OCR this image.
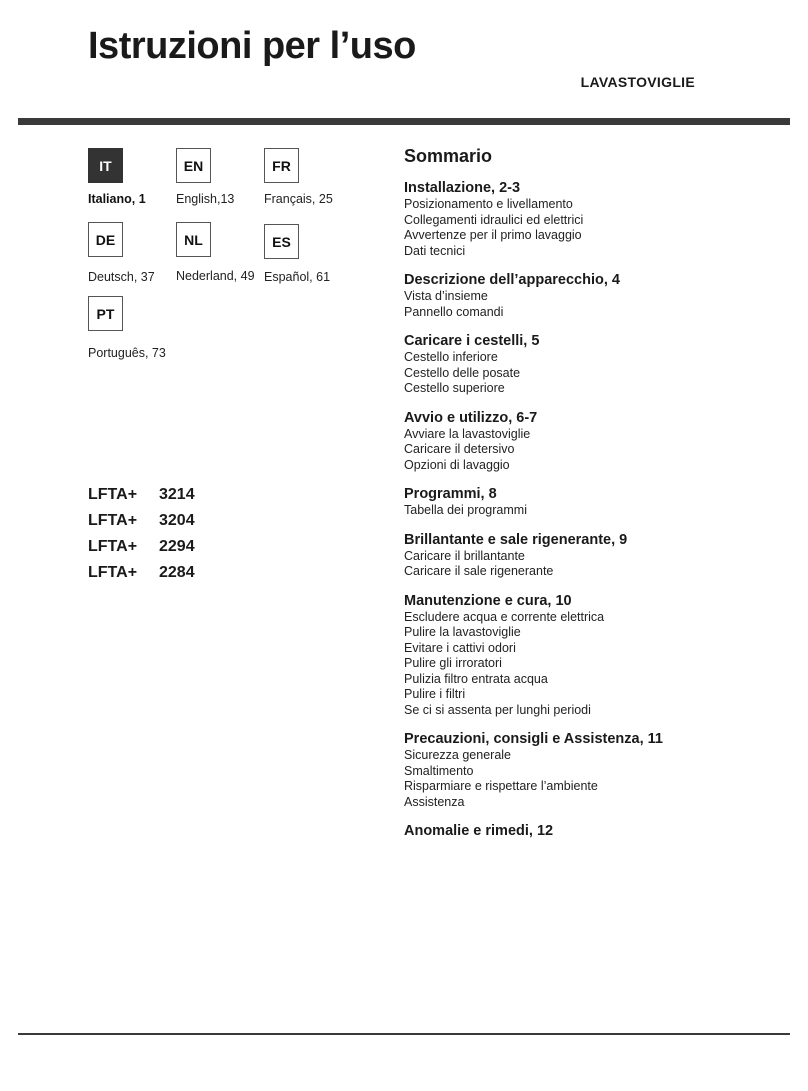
Istruzioni per l’uso
LAVASTOVIGLIE
IT
Italiano, 1
EN
English,13
FR
Français, 25
DE
Deutsch, 37
NL
Nederland, 49
ES
Español, 61
PT
Português, 73
LFTA+	3214
LFTA+	3204
LFTA+	2294
LFTA+	2284
Sommario
Installazione, 2-3
Posizionamento e livellamento
Collegamenti idraulici ed elettrici
Avvertenze per il primo lavaggio
Dati tecnici
Descrizione dell’apparecchio, 4
Vista d’insieme
Pannello comandi
Caricare i cestelli, 5
Cestello inferiore
Cestello delle posate
Cestello superiore
Avvio e utilizzo, 6-7
Avviare la lavastoviglie
Caricare il detersivo
Opzioni di lavaggio
Programmi, 8
Tabella dei programmi
Brillantante e sale rigenerante, 9
Caricare il brillantante
Caricare il sale rigenerante
Manutenzione e cura, 10
Escludere acqua e corrente elettrica
Pulire la lavastoviglie
Evitare i cattivi odori
Pulire gli irroratori
Pulizia filtro entrata acqua
Pulire i filtri
Se ci si assenta per lunghi periodi
Precauzioni, consigli e Assistenza, 11
Sicurezza generale
Smaltimento
Risparmiare e rispettare l’ambiente
Assistenza
Anomalie e rimedi, 12
